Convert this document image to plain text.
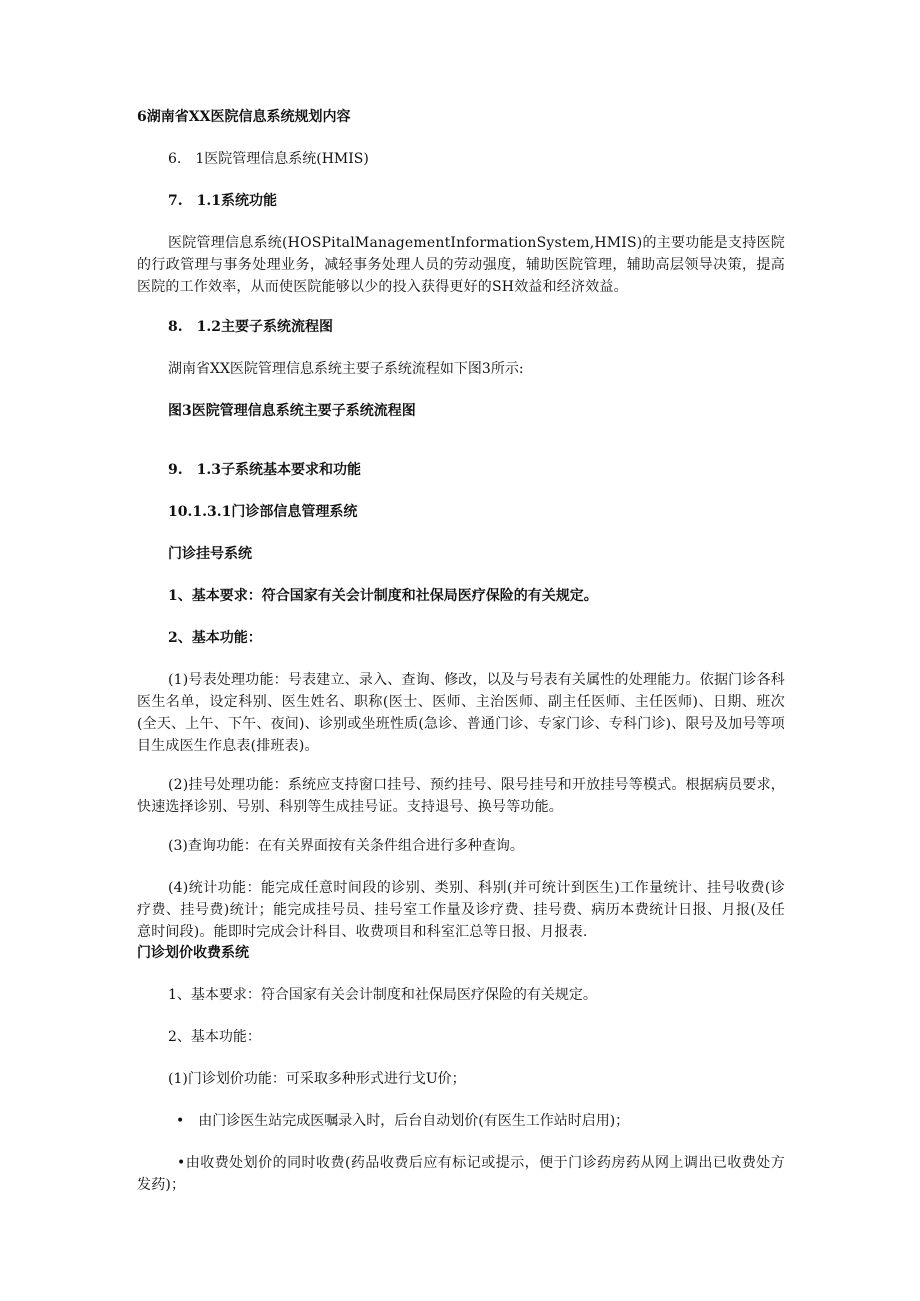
6湖南省XX医院信息系统规划内容
6.　1医院管理信息系统(HMIS)
7.　1.1系统功能
医院管理信息系统(HOSPitalManagementInformationSystem,HMIS)的主要功能是支持医院的行政管理与事务处理业务，减轻事务处理人员的劳动强度，辅助医院管理，辅助高层领导决策，提高医院的工作效率，从而使医院能够以少的投入获得更好的SH效益和经济效益。
8.　1.2主要子系统流程图
湖南省XX医院管理信息系统主要子系统流程如下图3所示:
图3医院管理信息系统主要子系统流程图
9.　1.3子系统基本要求和功能
10.1.3.1门诊部信息管理系统
门诊挂号系统
1、基本要求：符合国家有关会计制度和社保局医疗保险的有关规定。
2、基本功能：
(1)号表处理功能：号表建立、录入、查询、修改，以及与号表有关属性的处理能力。依据门诊各科医生名单，设定科别、医生姓名、职称(医士、医师、主治医师、副主任医师、主任医师)、日期、班次(全天、上午、下午、夜间)、诊别或坐班性质(急诊、普通门诊、专家门诊、专科门诊)、限号及加号等项目生成医生作息表(排班表)。
(2)挂号处理功能：系统应支持窗口挂号、预约挂号、限号挂号和开放挂号等模式。根据病员要求，快速选择诊别、号别、科别等生成挂号证。支持退号、换号等功能。
(3)查询功能：在有关界面按有关条件组合进行多种查询。
(4)统计功能：能完成任意时间段的诊别、类别、科别(并可统计到医生)工作量统计、挂号收费(诊疗费、挂号费)统计；能完成挂号员、挂号室工作量及诊疗费、挂号费、病历本费统计日报、月报(及任意时间段)。能即时完成会计科目、收费项目和科室汇总等日报、月报表.
门诊划价收费系统
1、基本要求：符合国家有关会计制度和社保局医疗保险的有关规定。
2、基本功能：
(1)门诊划价功能：可采取多种形式进行戈U价；
•　由门诊医生站完成医嘱录入时，后台自动划价(有医生工作站时启用)；
•由收费处划价的同时收费(药品收费后应有标记或提示，便于门诊药房药从网上调出已收费处方发药)；
